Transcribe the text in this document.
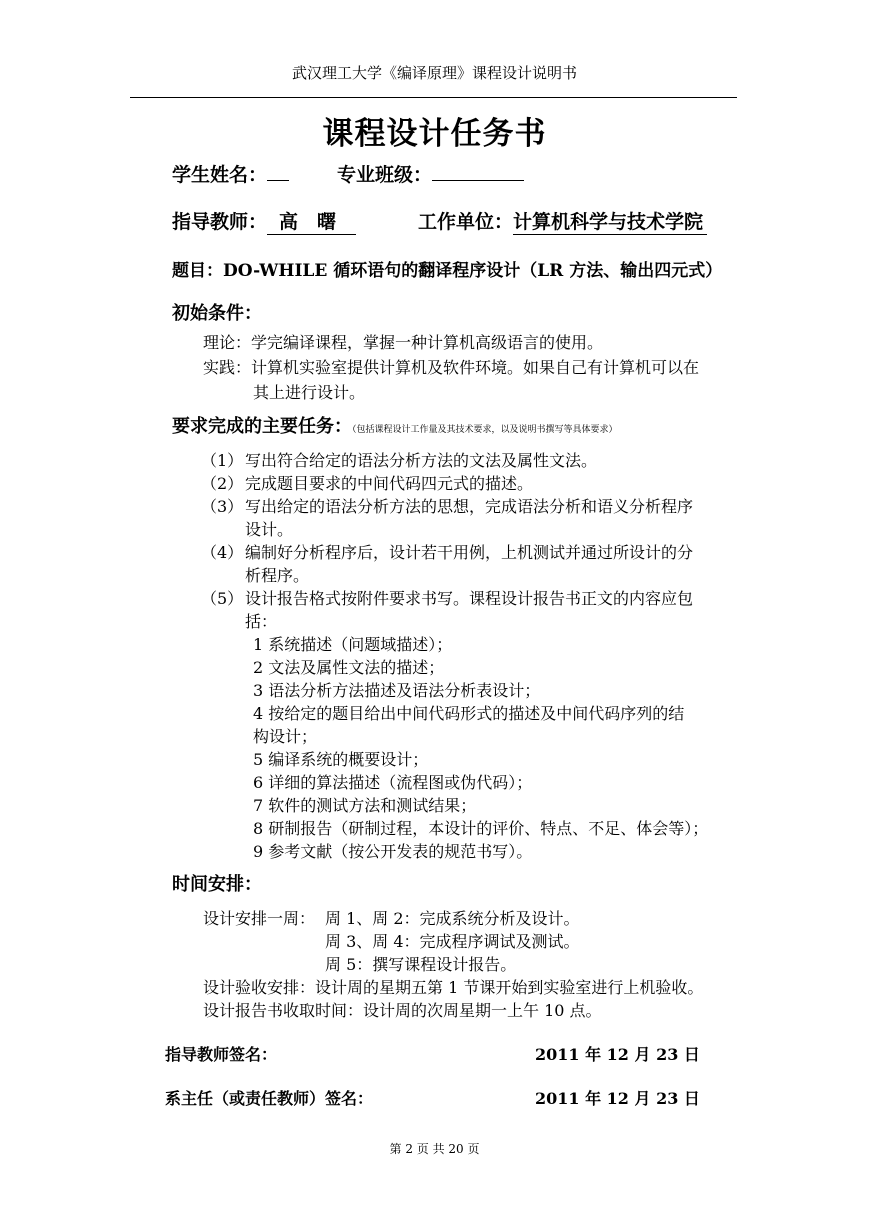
武汉理工大学《编译原理》课程设计说明书
课程设计任务书
学生姓名：	专业班级：
指导教师： 高　曙	工作单位：计算机科学与技术学院
题目：DO-WHILE 循环语句的翻译程序设计（LR 方法、输出四元式）
初始条件：
理论：学完编译课程，掌握一种计算机高级语言的使用。
实践：计算机实验室提供计算机及软件环境。如果自己有计算机可以在
其上进行设计。
要求完成的主要任务：（包括课程设计工作量及其技术要求，以及说明书撰写等具体要求）
（1） 写出符合给定的语法分析方法的文法及属性文法。
（2） 完成题目要求的中间代码四元式的描述。
（3） 写出给定的语法分析方法的思想，完成语法分析和语义分析程序
设计。
（4） 编制好分析程序后，设计若干用例，上机测试并通过所设计的分
析程序。
（5） 设计报告格式按附件要求书写。课程设计报告书正文的内容应包
括：
1 系统描述（问题域描述）；
2 文法及属性文法的描述；
3 语法分析方法描述及语法分析表设计；
4 按给定的题目给出中间代码形式的描述及中间代码序列的结
构设计；
5 编译系统的概要设计；
6 详细的算法描述（流程图或伪代码）；
7 软件的测试方法和测试结果；
8 研制报告（研制过程，本设计的评价、特点、不足、体会等）；
9 参考文献（按公开发表的规范书写）。
时间安排：
设计安排一周： 周 1、周 2：完成系统分析及设计。
周 3、周 4：完成程序调试及测试。
周 5：撰写课程设计报告。
设计验收安排：设计周的星期五第 1 节课开始到实验室进行上机验收。
设计报告书收取时间：设计周的次周星期一上午 10 点。
指导教师签名：	2011 年 12 月 23 日
系主任（或责任教师）签名：	2011 年 12 月 23 日
第 2 页 共 20 页
